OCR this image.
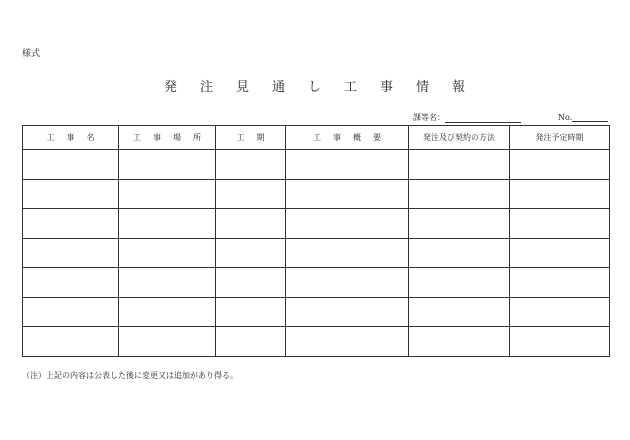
様式
発 注 見 通 し 工 事 情 報
課等名：	No.
工 事 名	工 事 場 所	工 期	工 事 概 要	発注及び契約の方法	発注予定時期

（注）上記の内容は公表した後に変更又は追加があり得る。
